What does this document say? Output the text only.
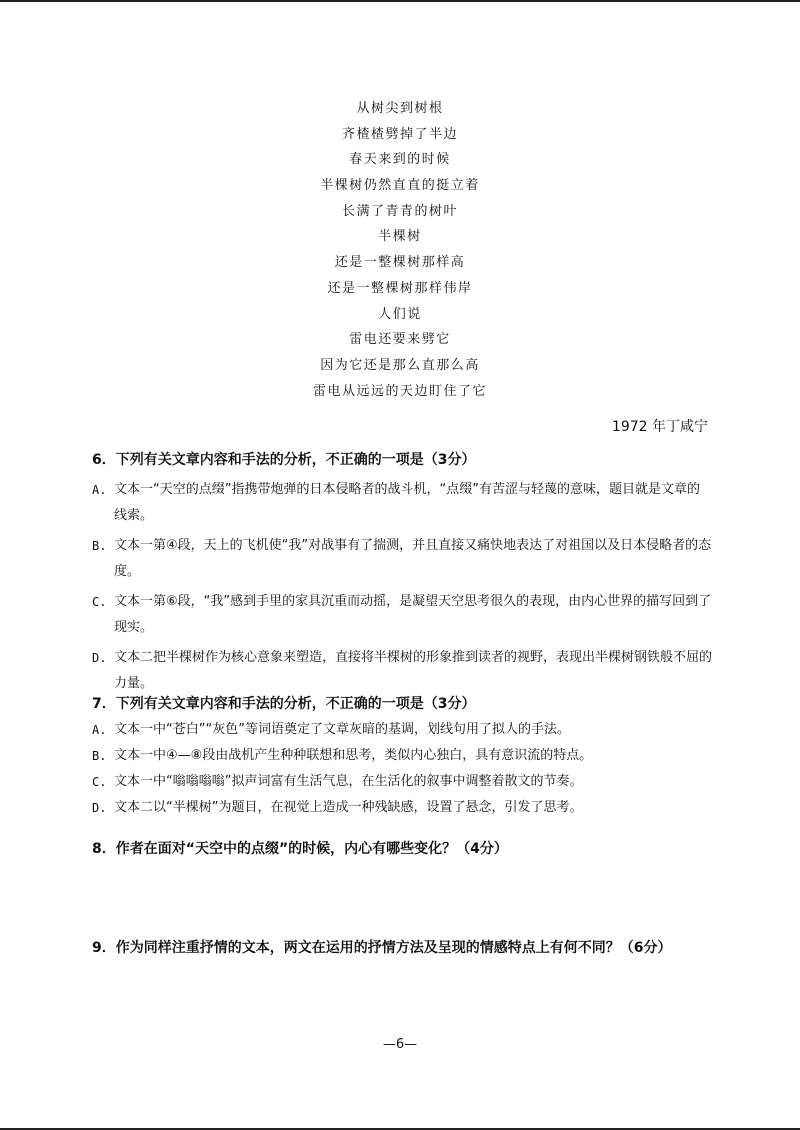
从树尖到树根
齐楂楂劈掉了半边
春天来到的时候
半棵树仍然直直的挺立着
长满了青青的树叶
半棵树
还是一整棵树那样高
还是一整棵树那样伟岸
人们说
雷电还要来劈它
因为它还是那么直那么高
雷电从远远的天边盯住了它
1972 年丁咸宁
6．下列有关文章内容和手法的分析，不正确的一项是（3分）
A. 文本一“天空的点缀”指携带炮弹的日本侵略者的战斗机，“点缀”有苦涩与轻蔑的意味，题目就是文章的线索。
B. 文本一第④段，天上的飞机使“我”对战事有了揣测，并且直接又痛快地表达了对祖国以及日本侵略者的态度。
C. 文本一第⑥段，“我”感到手里的家具沉重而动摇，是凝望天空思考很久的表现，由内心世界的描写回到了现实。
D. 文本二把半棵树作为核心意象来塑造，直接将半棵树的形象推到读者的视野，表现出半棵树钢铁般不屈的力量。
7．下列有关文章内容和手法的分析，不正确的一项是（3分）
A. 文本一中“苍白”“灰色”等词语奠定了文章灰暗的基调，划线句用了拟人的手法。
B. 文本一中④—⑧段由战机产生种种联想和思考，类似内心独白，具有意识流的特点。
C. 文本一中“嗡嗡嗡嗡”拟声词富有生活气息，在生活化的叙事中调整着散文的节奏。
D. 文本二以“半棵树”为题目，在视觉上造成一种残缺感，设置了悬念，引发了思考。
8．作者在面对“天空中的点缀”的时候，内心有哪些变化？（4分）
9．作为同样注重抒情的文本，两文在运用的抒情方法及呈现的情感特点上有何不同？（6分）
—6—
